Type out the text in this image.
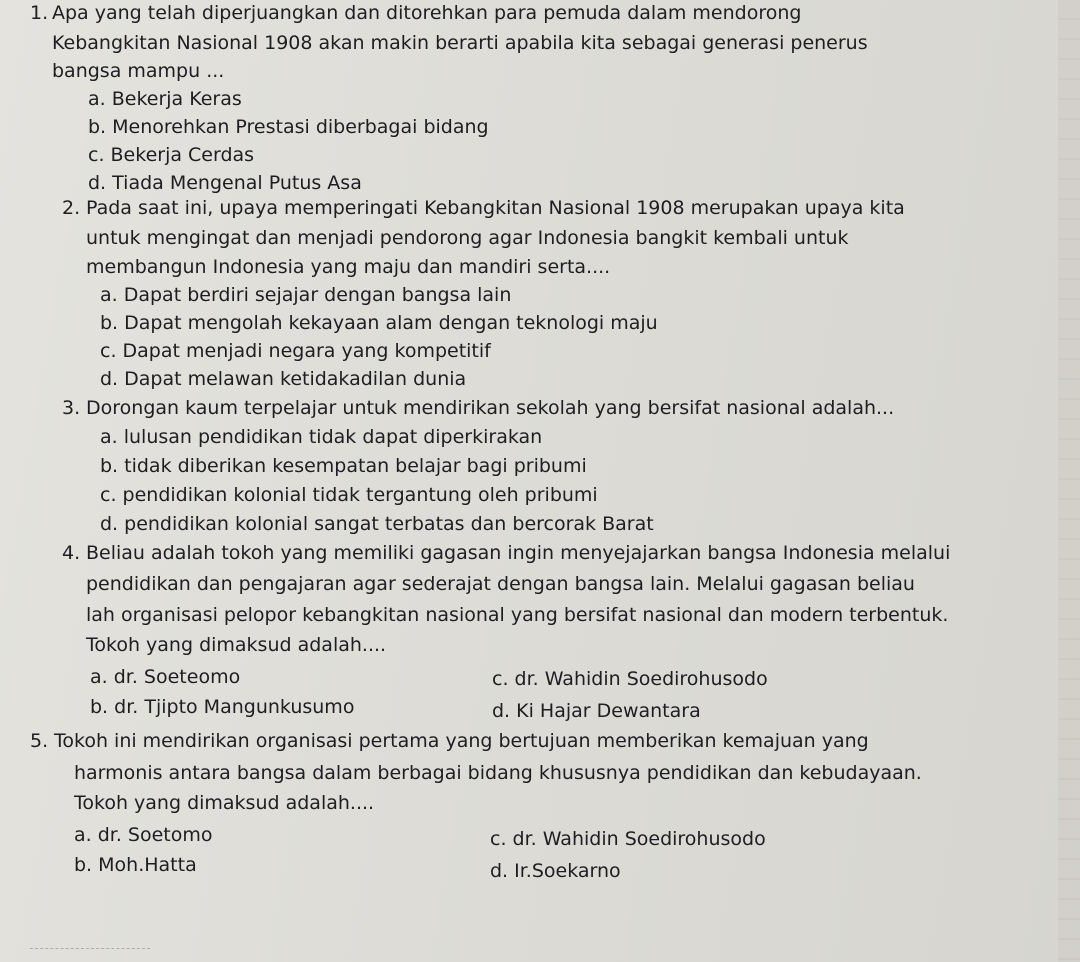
1. Apa yang telah diperjuangkan dan ditorehkan para pemuda dalam mendorong

Kebangkitan Nasional 1908 akan makin berarti apabila kita sebagai generasi penerus

bangsa mampu ...

a. Bekerja Keras

b. Menorehkan Prestasi diberbagai bidang

c. Bekerja Cerdas

d. Tiada Mengenal Putus Asa

2. Pada saat ini, upaya memperingati Kebangkitan Nasional 1908 merupakan upaya kita

untuk mengingat dan menjadi pendorong agar Indonesia bangkit kembali untuk

membangun Indonesia yang maju dan mandiri serta....

a. Dapat berdiri sejajar dengan bangsa lain

b. Dapat mengolah kekayaan alam dengan teknologi maju

c. Dapat menjadi negara yang kompetitif

d. Dapat melawan ketidakadilan dunia

3. Dorongan kaum terpelajar untuk mendirikan sekolah yang bersifat nasional adalah...

a. lulusan pendidikan tidak dapat diperkirakan

b. tidak diberikan kesempatan belajar bagi pribumi

c. pendidikan kolonial tidak tergantung oleh pribumi

d. pendidikan kolonial sangat terbatas dan bercorak Barat

4. Beliau adalah tokoh yang memiliki gagasan ingin menyejajarkan bangsa Indonesia melalui

pendidikan dan pengajaran agar sederajat dengan bangsa lain. Melalui gagasan beliau

lah organisasi pelopor kebangkitan nasional yang bersifat nasional dan modern terbentuk.

Tokoh yang dimaksud adalah....

a. dr. Soeteomo	c. dr. Wahidin Soedirohusodo

b. dr. Tjipto Mangunkusumo	d. Ki Hajar Dewantara

5. Tokoh ini mendirikan organisasi pertama yang bertujuan memberikan kemajuan yang

harmonis antara bangsa dalam berbagai bidang khususnya pendidikan dan kebudayaan.

Tokoh yang dimaksud adalah....

a. dr. Soetomo	c. dr. Wahidin Soedirohusodo

b. Moh.Hatta	d. Ir.Soekarno
